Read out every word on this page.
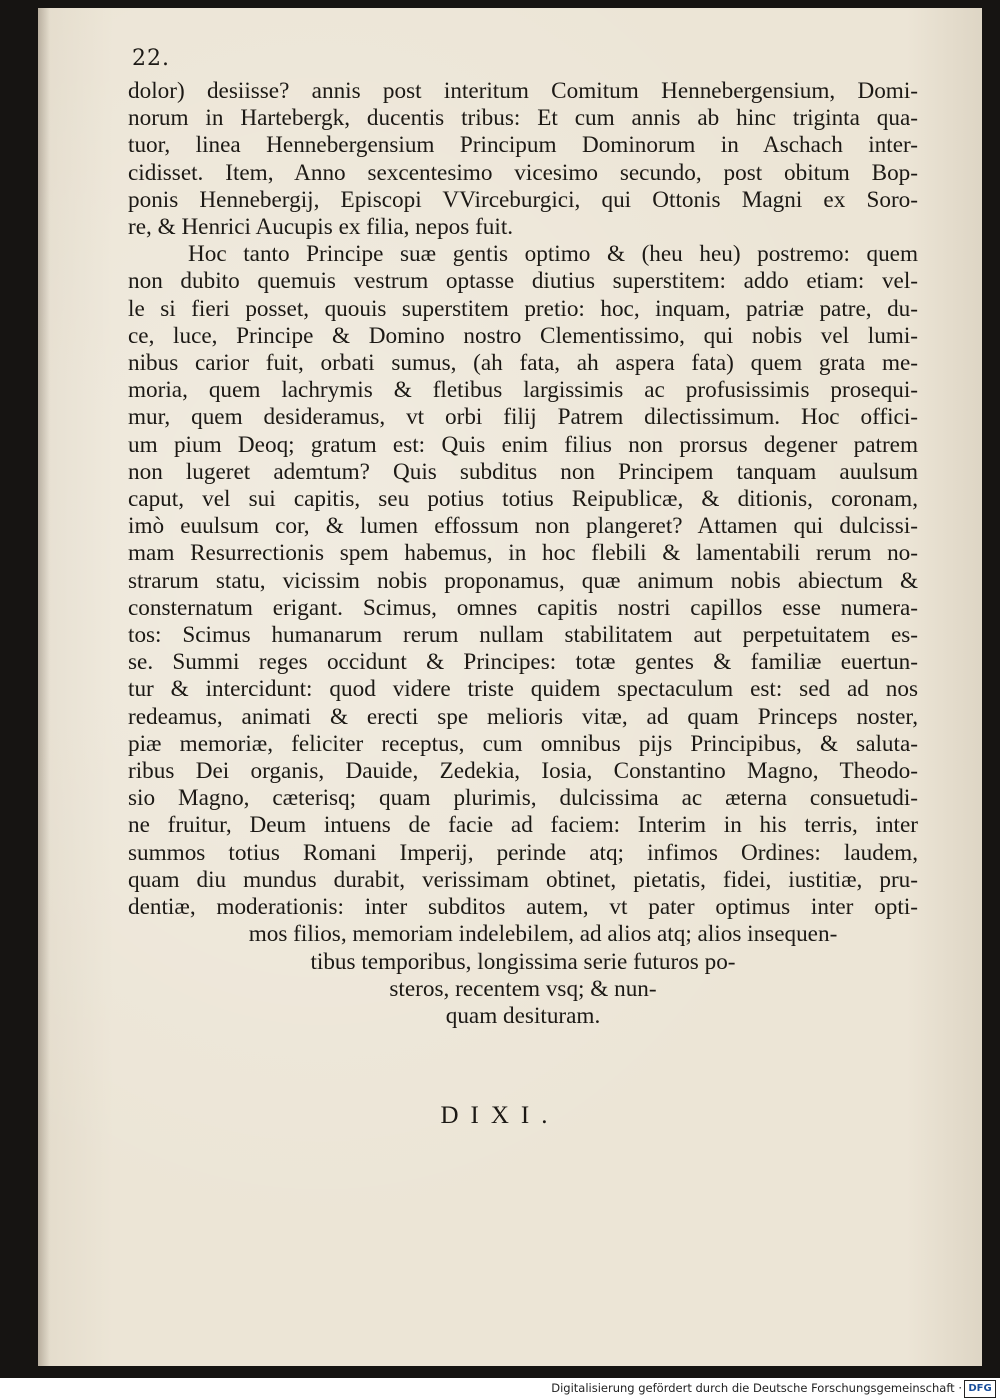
22.
dolor) desiisse? annis post interitum Comitum Hennebergensium, Domi-
norum in Hartebergk, ducentis tribus: Et cum annis ab hinc triginta qua-
tuor, linea Hennebergensium Principum Dominorum in Aschach inter-
cidisset. Item, Anno sexcentesimo vicesimo secundo, post obitum Bop-
ponis Hennebergij, Episcopi VVirceburgici, qui Ottonis Magni ex Soro-
re, & Henrici Aucupis ex filia, nepos fuit.
Hoc tanto Principe suæ gentis optimo & (heu heu) postremo: quem
non dubito quemuis vestrum optasse diutius superstitem: addo etiam: vel-
le si fieri posset, quouis superstitem pretio: hoc, inquam, patriæ patre, du-
ce, luce, Principe & Domino nostro Clementissimo, qui nobis vel lumi-
nibus carior fuit, orbati sumus, (ah fata, ah aspera fata) quem grata me-
moria, quem lachrymis & fletibus largissimis ac profusissimis prosequi-
mur, quem desideramus, vt orbi filij Patrem dilectissimum. Hoc offici-
um pium Deoq; gratum est: Quis enim filius non prorsus degener patrem
non lugeret ademtum? Quis subditus non Principem tanquam auulsum
caput, vel sui capitis, seu potius totius Reipublicæ, & ditionis, coronam,
imò euulsum cor, & lumen effossum non plangeret? Attamen qui dulcissi-
mam Resurrectionis spem habemus, in hoc flebili & lamentabili rerum no-
strarum statu, vicissim nobis proponamus, quæ animum nobis abiectum &
consternatum erigant. Scimus, omnes capitis nostri capillos esse numera-
tos: Scimus humanarum rerum nullam stabilitatem aut perpetuitatem es-
se. Summi reges occidunt & Principes: totæ gentes & familiæ euertun-
tur & intercidunt: quod videre triste quidem spectaculum est: sed ad nos
redeamus, animati & erecti spe melioris vitæ, ad quam Princeps noster,
piæ memoriæ, feliciter receptus, cum omnibus pijs Principibus, & saluta-
ribus Dei organis, Dauide, Zedekia, Iosia, Constantino Magno, Theodo-
sio Magno, cæterisq; quam plurimis, dulcissima ac æterna consuetudi-
ne fruitur, Deum intuens de facie ad faciem: Interim in his terris, inter
summos totius Romani Imperij, perinde atq; infimos Ordines: laudem,
quam diu mundus durabit, verissimam obtinet, pietatis, fidei, iustitiæ, pru-
dentiæ, moderationis: inter subditos autem, vt pater optimus inter opti-
mos filios, memoriam indelebilem, ad alios atq; alios insequen-
tibus temporibus, longissima serie futuros po-
steros, recentem vsq; & nun-
quam desituram.
DIXI.
Digitalisierung gefördert durch die Deutsche Forschungsgemeinschaft · DFG
